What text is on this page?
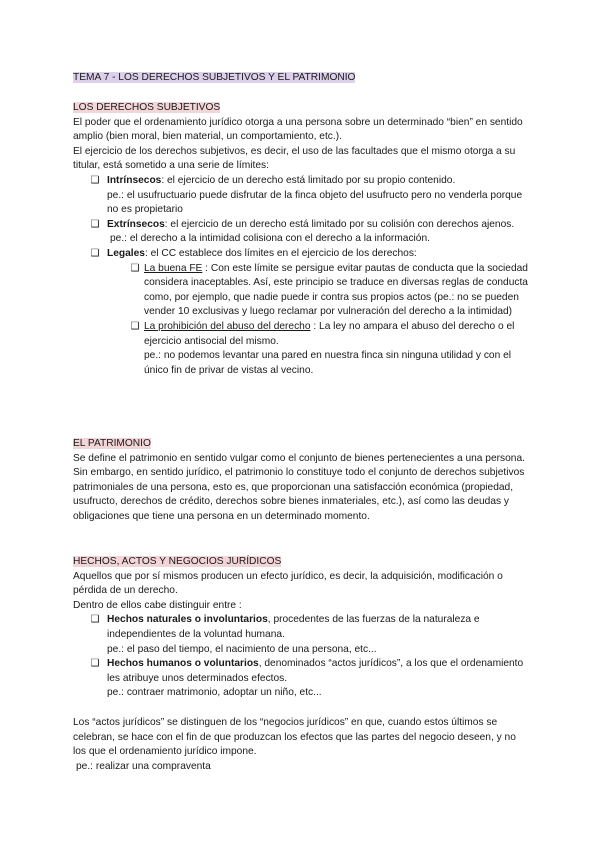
TEMA 7 - LOS DERECHOS SUBJETIVOS Y EL PATRIMONIO

LOS DERECHOS SUBJETIVOS

El poder que el ordenamiento jurídico otorga a una persona sobre un determinado “bien” en sentido amplio (bien moral, bien material, un comportamiento, etc.).

El ejercicio de los derechos subjetivos, es decir, el uso de las facultades que el mismo otorga a su titular, está sometido a una serie de límites:

❑ Intrínsecos: el ejercicio de un derecho está limitado por su propio contenido.

pe.: el usufructuario puede disfrutar de la finca objeto del usufructo pero no venderla porque no es propietario

❑ Extrínsecos: el ejercicio de un derecho está limitado por su colisión con derechos ajenos.

pe.: el derecho a la intimidad colisiona con el derecho a la información.

❑ Legales: el CC establece dos límites en el ejercicio de los derechos:
❑ La buena FE : Con este límite se persigue evitar pautas de conducta que la sociedad considera inaceptables. Así, este principio se traduce en diversas reglas de conducta como, por ejemplo, que nadie puede ir contra sus propios actos (pe.: no se pueden vender 10 exclusivas y luego reclamar por vulneración del derecho a la intimidad)
❑ La prohibición del abuso del derecho : La ley no ampara el abuso del derecho o el ejercicio antisocial del mismo.

pe.: no podemos levantar una pared en nuestra finca sin ninguna utilidad y con el único fin de privar de vistas al vecino.

EL PATRIMONIO

Se define el patrimonio en sentido vulgar como el conjunto de bienes pertenecientes a una persona. Sin embargo, en sentido jurídico, el patrimonio lo constituye todo el conjunto de derechos subjetivos patrimoniales de una persona, esto es, que proporcionan una satisfacción económica (propiedad, usufructo, derechos de crédito, derechos sobre bienes inmateriales, etc.), así como las deudas y obligaciones que tiene una persona en un determinado momento.

HECHOS, ACTOS Y NEGOCIOS JURÍDICOS

Aquellos que por sí mismos producen un efecto jurídico, es decir, la adquisición, modificación o pérdida de un derecho.

Dentro de ellos cabe distinguir entre :

❑ Hechos naturales o involuntarios, procedentes de las fuerzas de la naturaleza e independientes de la voluntad humana.

pe.: el paso del tiempo, el nacimiento de una persona, etc...

❑ Hechos humanos o voluntarios, denominados “actos jurídicos”, a los que el ordenamiento les atribuye unos determinados efectos.

pe.: contraer matrimonio, adoptar un niño, etc...

Los “actos jurídicos” se distinguen de los “negocios jurídicos” en que, cuando estos últimos se celebran, se hace con el fin de que produzcan los efectos que las partes del negocio deseen, y no los que el ordenamiento jurídico impone.

pe.: realizar una compraventa
